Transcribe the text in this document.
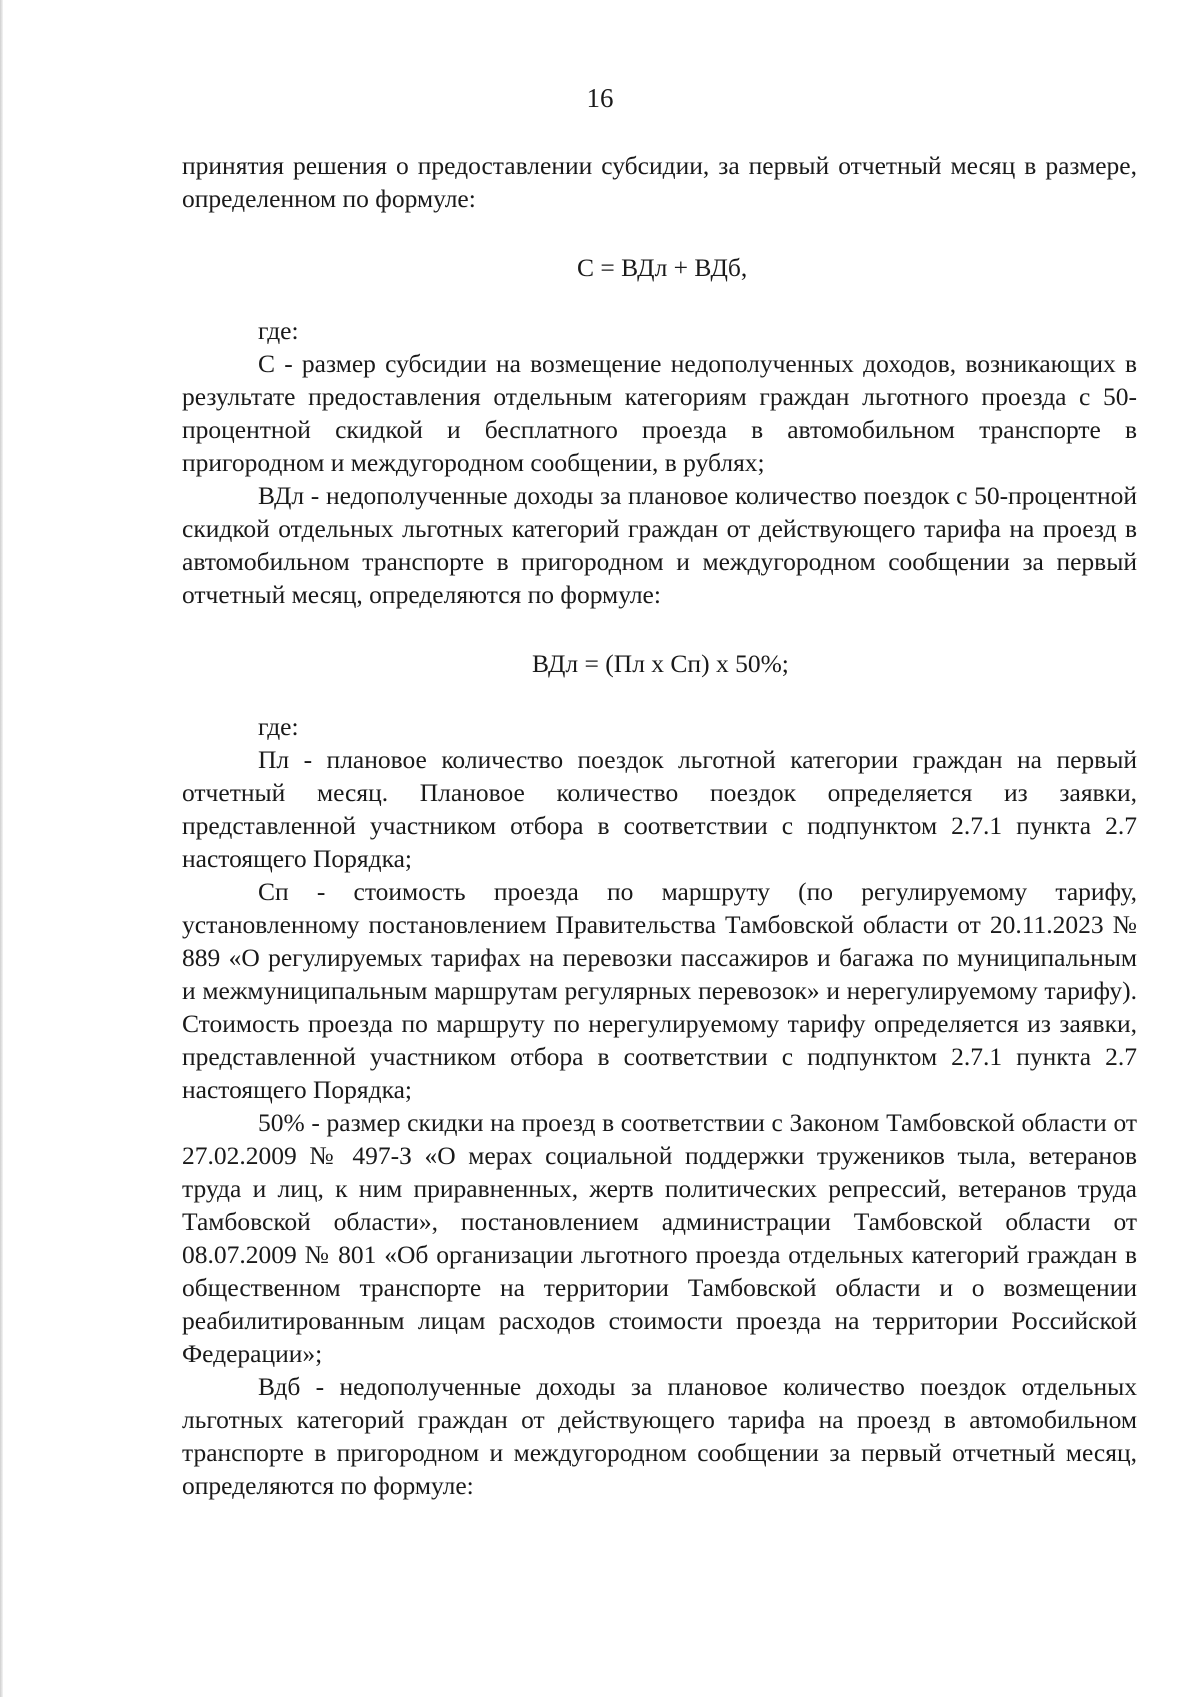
16

принятия решения о предоставлении субсидии, за первый отчетный месяц в размере, определенном по формуле:

С = ВДл + ВДб,

где:

С - размер субсидии на возмещение недополученных доходов, возникающих в результате предоставления отдельным категориям граждан льготного проезда с 50-процентной скидкой и бесплатного проезда в автомобильном транспорте в пригородном и междугородном сообщении, в рублях;

ВДл - недополученные доходы за плановое количество поездок с 50-процентной скидкой отдельных льготных категорий граждан от действующего тарифа на проезд в автомобильном транспорте в пригородном и междугородном сообщении за первый отчетный месяц, определяются по формуле:

ВДл = (Пл х Сп) х 50%;

где:

Пл - плановое количество поездок льготной категории граждан на первый отчетный месяц. Плановое количество поездок определяется из заявки, представленной участником отбора в соответствии с подпунктом 2.7.1 пункта 2.7 настоящего Порядка;

Сп - стоимость проезда по маршруту (по регулируемому тарифу, установленному постановлением Правительства Тамбовской области от 20.11.2023 № 889 «О регулируемых тарифах на перевозки пассажиров и багажа по муниципальным и межмуниципальным маршрутам регулярных перевозок» и нерегулируемому тарифу). Стоимость проезда по маршруту по нерегулируемому тарифу определяется из заявки, представленной участником отбора в соответствии с подпунктом 2.7.1 пункта 2.7 настоящего Порядка;

50% - размер скидки на проезд в соответствии с Законом Тамбовской области от 27.02.2009 № 497-З «О мерах социальной поддержки тружеников тыла, ветеранов труда и лиц, к ним приравненных, жертв политических репрессий, ветеранов труда Тамбовской области», постановлением администрации Тамбовской области от 08.07.2009 № 801 «Об организации льготного проезда отдельных категорий граждан в общественном транспорте на территории Тамбовской области и о возмещении реабилитированным лицам расходов стоимости проезда на территории Российской Федерации»;

Вдб - недополученные доходы за плановое количество поездок отдельных льготных категорий граждан от действующего тарифа на проезд в автомобильном транспорте в пригородном и междугородном сообщении за первый отчетный месяц, определяются по формуле:
